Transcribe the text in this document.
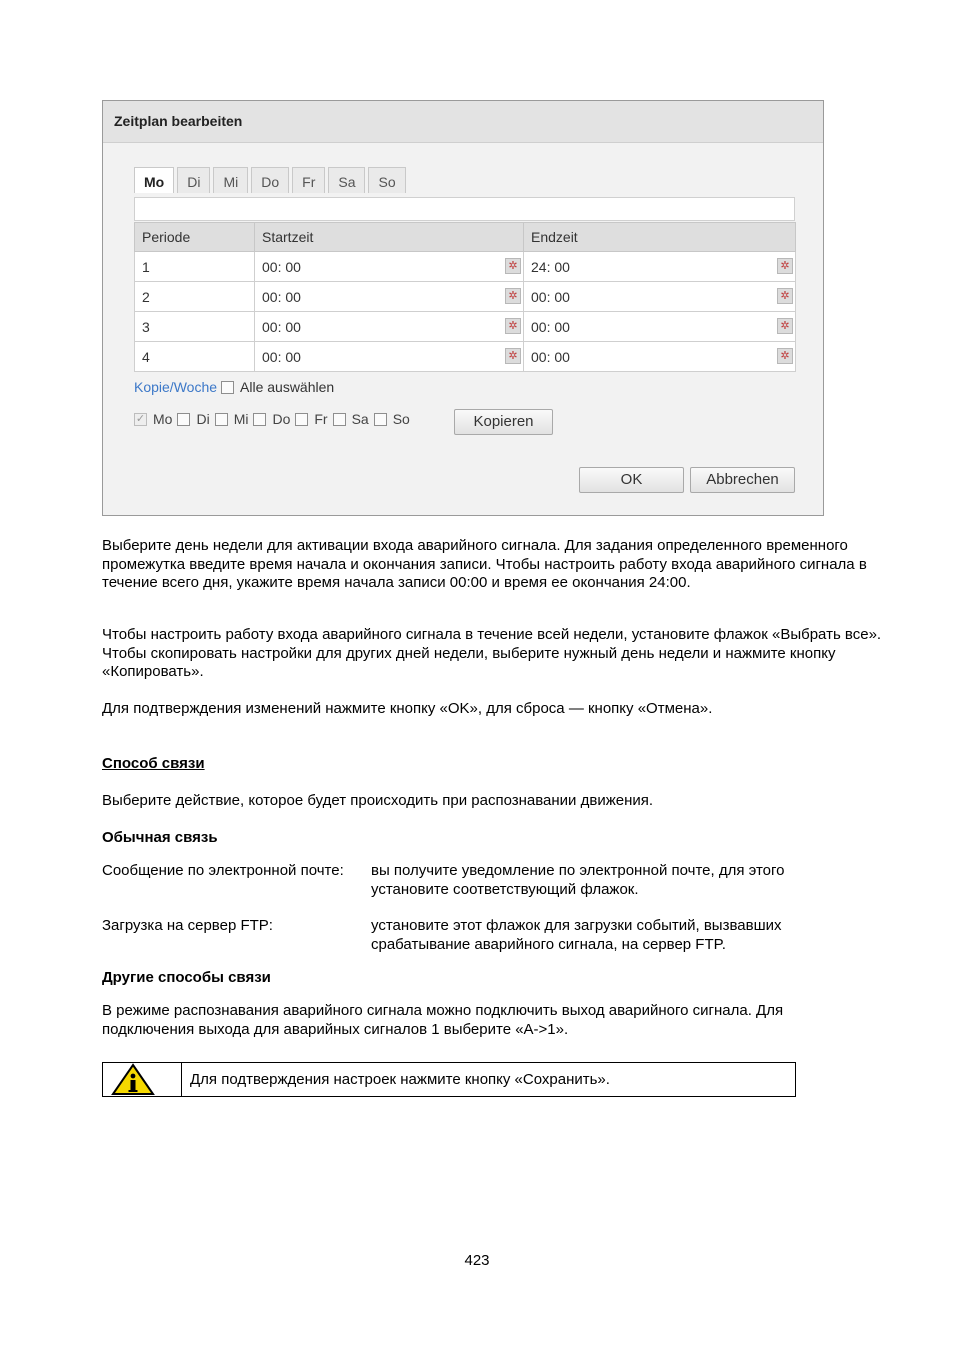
Zeitplan bearbeiten
Mo	Di	Mi	Do	Fr	Sa	So
Periode	Startzeit	Endzeit
1	00: 00 ✲	24: 00 ✲

2	00: 00 ✲	00: 00 ✲

3	00: 00 ✲	00: 00 ✲

4	00: 00 ✲	00: 00 ✲
Kopie/Woche Alle auswählen
✓ Mo Di Mi Do Fr Sa So	Kopieren
OK	Abbrechen
Выберите день недели для активации входа аварийного сигнала. Для задания определенного временного промежутка введите время начала и окончания записи. Чтобы настроить работу входа аварийного сигнала в течение всего дня, укажите время начала записи 00:00 и время ее окончания 24:00.
Чтобы настроить работу входа аварийного сигнала в течение всей недели, установите флажок «Выбрать все». Чтобы скопировать настройки для других дней недели, выберите нужный день недели и нажмите кнопку «Копировать».
Для подтверждения изменений нажмите кнопку «OK», для сброса — кнопку «Отмена».
Способ связи
Выберите действие, которое будет происходить при распознавании движения.
Обычная связь
Сообщение по электронной почте: вы получите уведомление по электронной почте, для этого установите соответствующий флажок.
Загрузка на сервер FTP:	установите этот флажок для загрузки событий, вызвавших срабатывание аварийного сигнала, на сервер FTP.
Другие способы связи
В режиме распознавания аварийного сигнала можно подключить выход аварийного сигнала. Для подключения выхода для аварийных сигналов 1 выберите «A->1».
Для подтверждения настроек нажмите кнопку «Сохранить».
423
